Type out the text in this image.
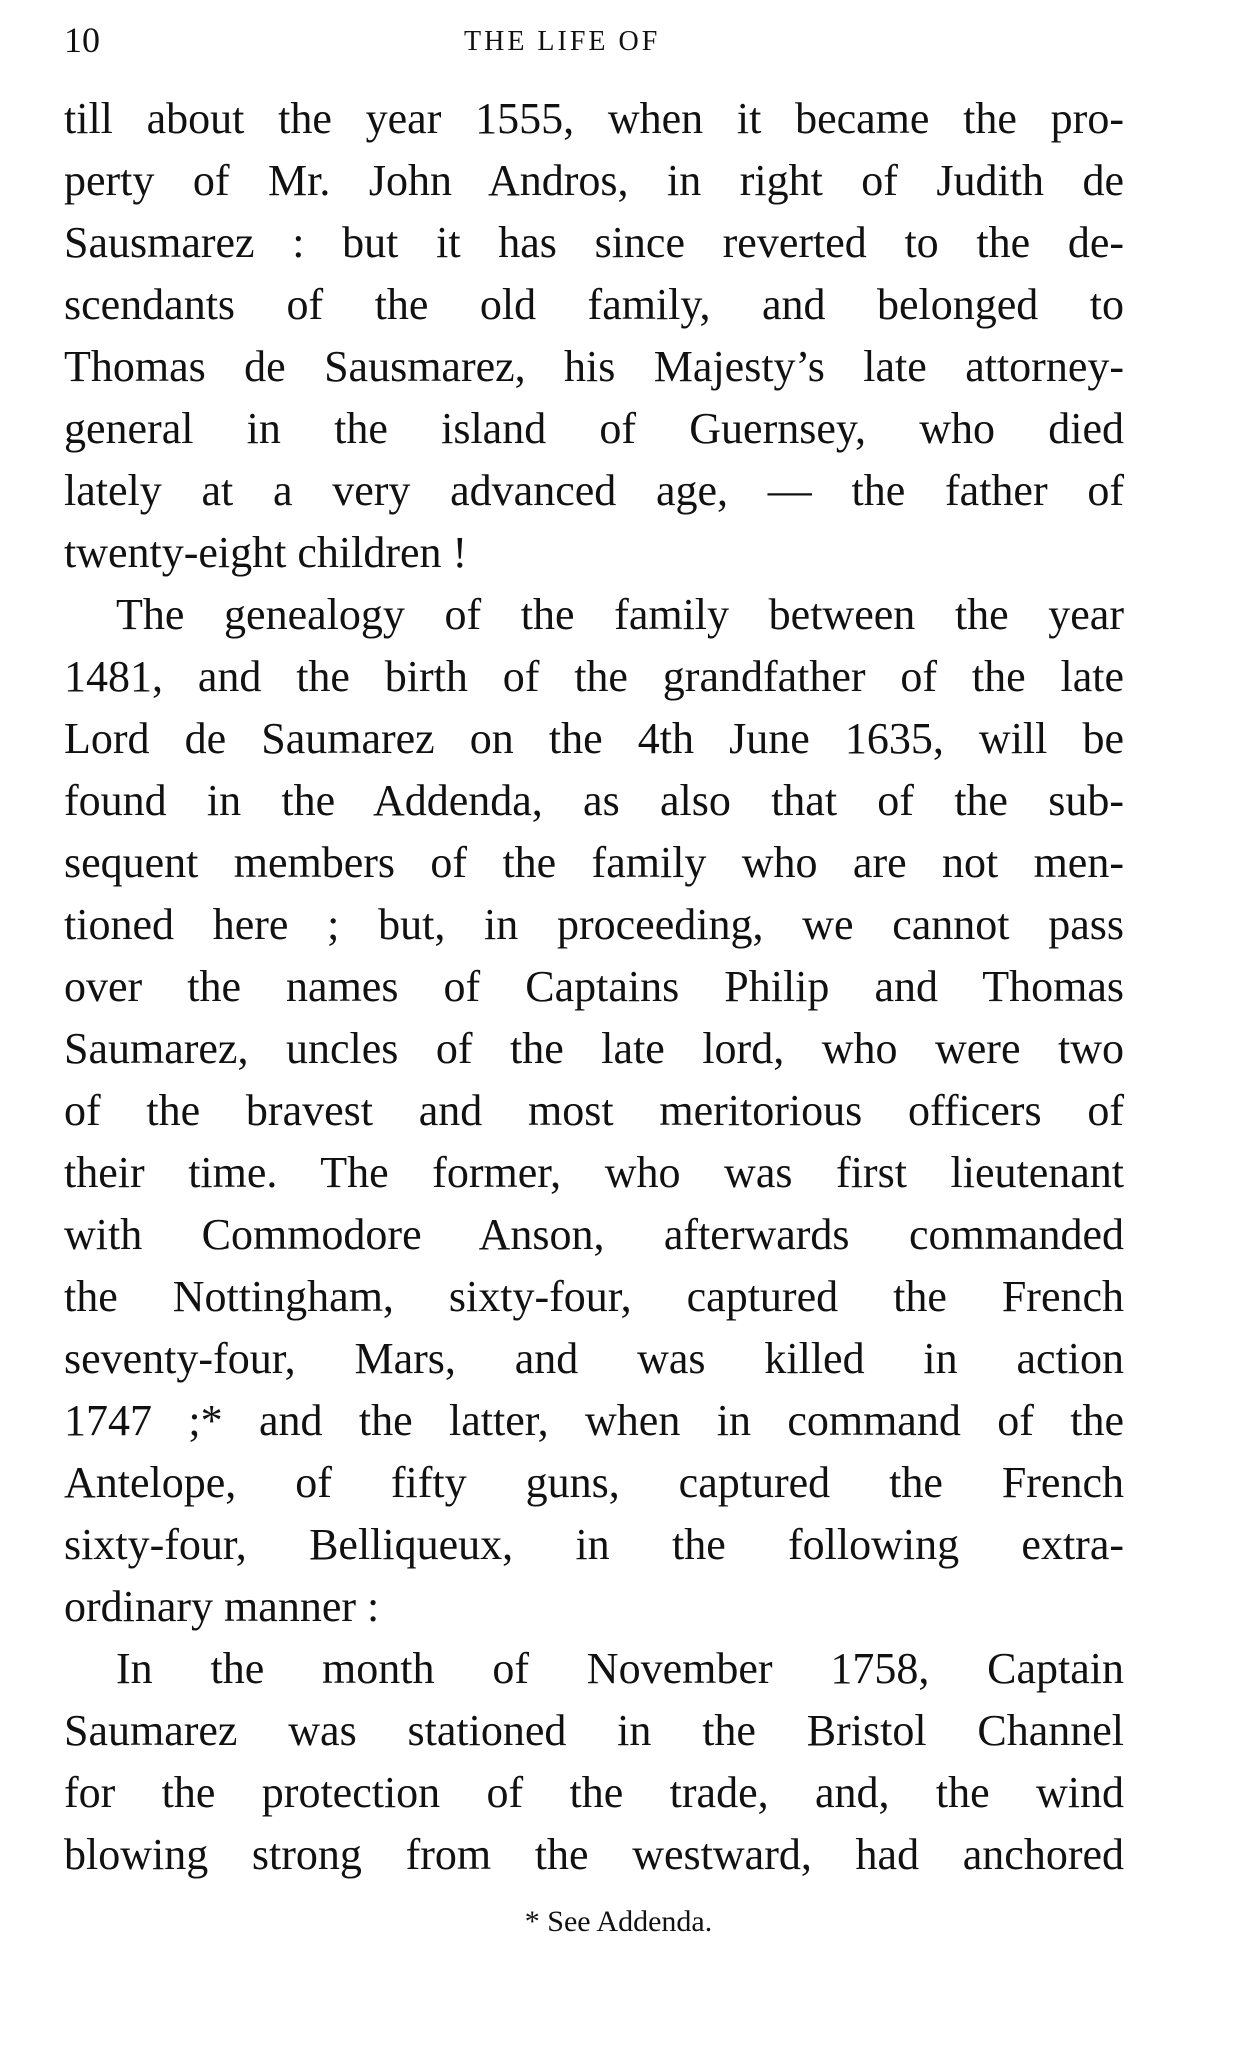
10	THE LIFE OF
till about the year 1555, when it became the pro-
perty of Mr. John Andros, in right of Judith de
Sausmarez : but it has since reverted to the de-
scendants of the old family, and belonged to
Thomas de Sausmarez, his Majesty’s late attorney-
general in the island of Guernsey, who died
lately at a very advanced age, — the father of
twenty-eight children !
The genealogy of the family between the year
1481, and the birth of the grandfather of the late
Lord de Saumarez on the 4th June 1635, will be
found in the Addenda, as also that of the sub-
sequent members of the family who are not men-
tioned here ; but, in proceeding, we cannot pass
over the names of Captains Philip and Thomas
Saumarez, uncles of the late lord, who were two
of the bravest and most meritorious officers of
their time. The former, who was first lieutenant
with Commodore Anson, afterwards commanded
the Nottingham, sixty-four, captured the French
seventy-four, Mars, and was killed in action
1747 ;* and the latter, when in command of the
Antelope, of fifty guns, captured the French
sixty-four, Belliqueux, in the following extra-
ordinary manner :
In the month of November 1758, Captain
Saumarez was stationed in the Bristol Channel
for the protection of the trade, and, the wind
blowing strong from the westward, had anchored
* See Addenda.
